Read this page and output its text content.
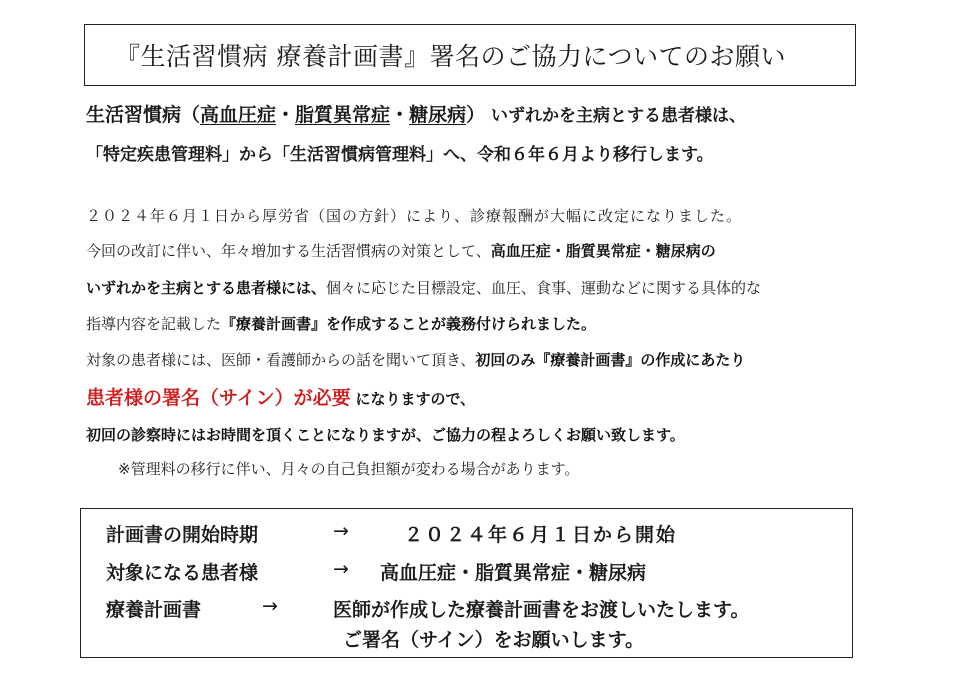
『生活習慣病 療養計画書』署名のご協力についてのお願い
生活習慣病（高血圧症・脂質異常症・糖尿病） いずれかを主病とする患者様は、
「特定疾患管理料」から「生活習慣病管理料」へ、令和６年６月より移行します。
２０２４年６月１日から厚労省（国の方針）により、診療報酬が大幅に改定になりました。
今回の改訂に伴い、年々増加する生活習慣病の対策として、高血圧症・脂質異常症・糖尿病の
いずれかを主病とする患者様には、個々に応じた目標設定、血圧、食事、運動などに関する具体的な
指導内容を記載した『療養計画書』を作成することが義務付けられました。
対象の患者様には、医師・看護師からの話を聞いて頂き、初回のみ『療養計画書』の作成にあたり
患者様の署名（サイン）が必要 になりますので、
初回の診察時にはお時間を頂くことになりますが、ご協力の程よろしくお願い致します。
※管理料の移行に伴い、月々の自己負担額が変わる場合があります。
計画書の開始時期	→	２０２４年６月１日から開始
対象になる患者様	→ 高血圧症・脂質異常症・糖尿病
療養計画書	→	医師が作成した療養計画書をお渡しいたします。
ご署名（サイン）をお願いします。
